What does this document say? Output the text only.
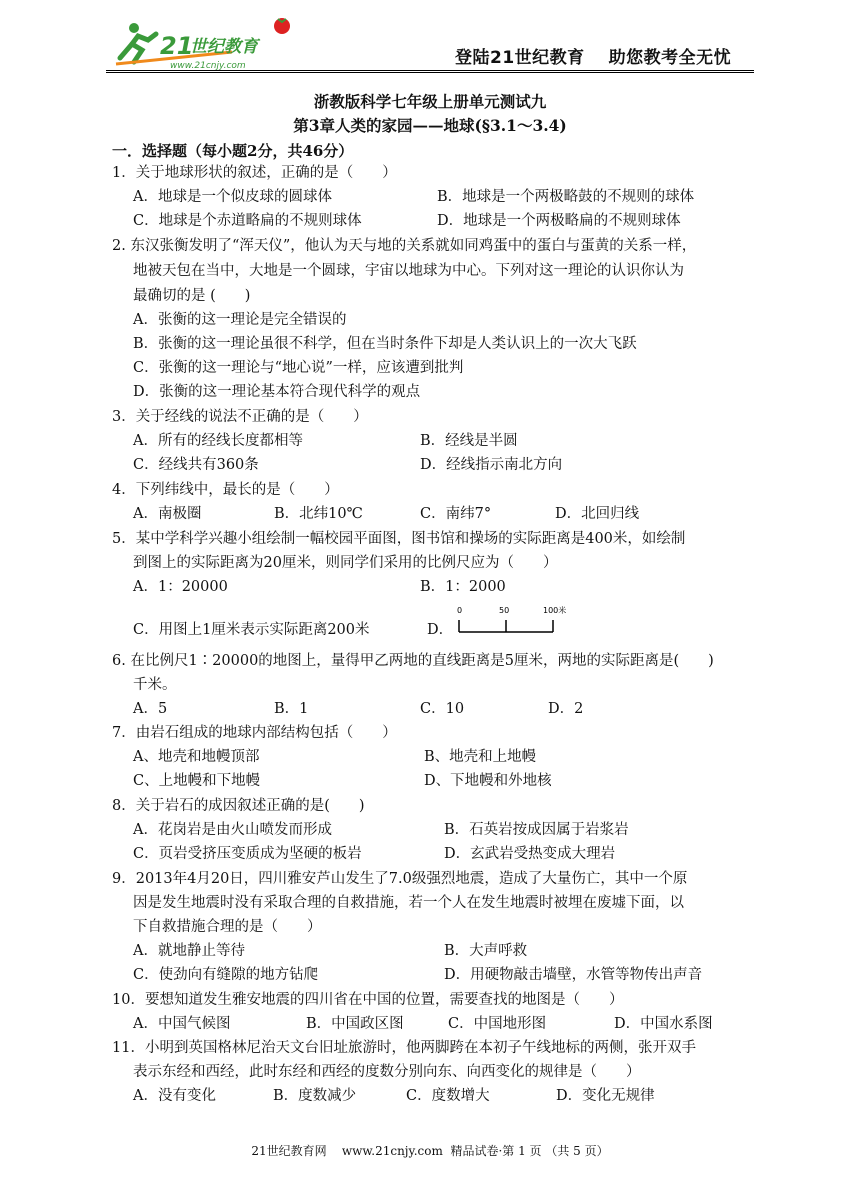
21
世纪教育
www.21cnjy.com	登陆21世纪教育 助您教考全无忧
浙教版科学七年级上册单元测试九
第3章人类的家园——地球(§3.1～3.4)
一．选择题（每小题2分，共46分）
1．关于地球形状的叙述，正确的是（　　）
A．地球是一个似皮球的圆球体	B．地球是一个两极略鼓的不规则的球体
C．地球是个赤道略扁的不规则球体	D．地球是一个两极略扁的不规则球体
2. 东汉张衡发明了“浑天仪”，他认为天与地的关系就如同鸡蛋中的蛋白与蛋黄的关系一样，
地被天包在当中，大地是一个圆球，宇宙以地球为中心。下列对这一理论的认识你认为
最确切的是 (　　)
A．张衡的这一理论是完全错误的
B．张衡的这一理论虽很不科学，但在当时条件下却是人类认识上的一次大飞跃
C．张衡的这一理论与“地心说”一样，应该遭到批判
D．张衡的这一理论基本符合现代科学的观点
3．关于经线的说法不正确的是（　　）
A．所有的经线长度都相等	B．经线是半圆
C．经线共有360条	D．经线指示南北方向
4．下列纬线中，最长的是（　　）
A．南极圈	B．北纬10℃	C．南纬7°	D．北回归线
5．某中学科学兴趣小组绘制一幅校园平面图，图书馆和操场的实际距离是400米，如绘制
到图上的实际距离为20厘米，则同学们采用的比例尺应为（　　）
A．1：20000	B．1：2000
C．用图上1厘米表示实际距离200米	D．
0	50	100米
6. 在比例尺1∶20000的地图上，量得甲乙两地的直线距离是5厘米，两地的实际距离是(　　)
千米。
A．5	B．1	C．10	D．2
7．由岩石组成的地球内部结构包括（　　）
A、地壳和地幔顶部	B、地壳和上地幔
C、上地幔和下地幔	D、下地幔和外地核
8．关于岩石的成因叙述正确的是(　　)
A．花岗岩是由火山喷发而形成	B．石英岩按成因属于岩浆岩
C．页岩受挤压变质成为坚硬的板岩	D．玄武岩受热变成大理岩
9．2013年4月20日，四川雅安芦山发生了7.0级强烈地震，造成了大量伤亡，其中一个原
因是发生地震时没有采取合理的自救措施，若一个人在发生地震时被埋在废墟下面，以
下自救措施合理的是（　　）
A．就地静止等待	B．大声呼救
C．使劲向有缝隙的地方钻爬	D．用硬物敲击墙壁，水管等物传出声音
10．要想知道发生雅安地震的四川省在中国的位置，需要查找的地图是（　　）
A．中国气候图	B．中国政区图	C．中国地形图	D．中国水系图
11．小明到英国格林尼治天文台旧址旅游时，他两脚跨在本初子午线地标的两侧，张开双手
表示东经和西经，此时东经和西经的度数分别向东、向西变化的规律是（　　）
A．没有变化	B．度数减少	C．度数增大	D．变化无规律
21世纪教育网    www.21cnjy.com  精品试卷·第 1 页 （共 5 页）
